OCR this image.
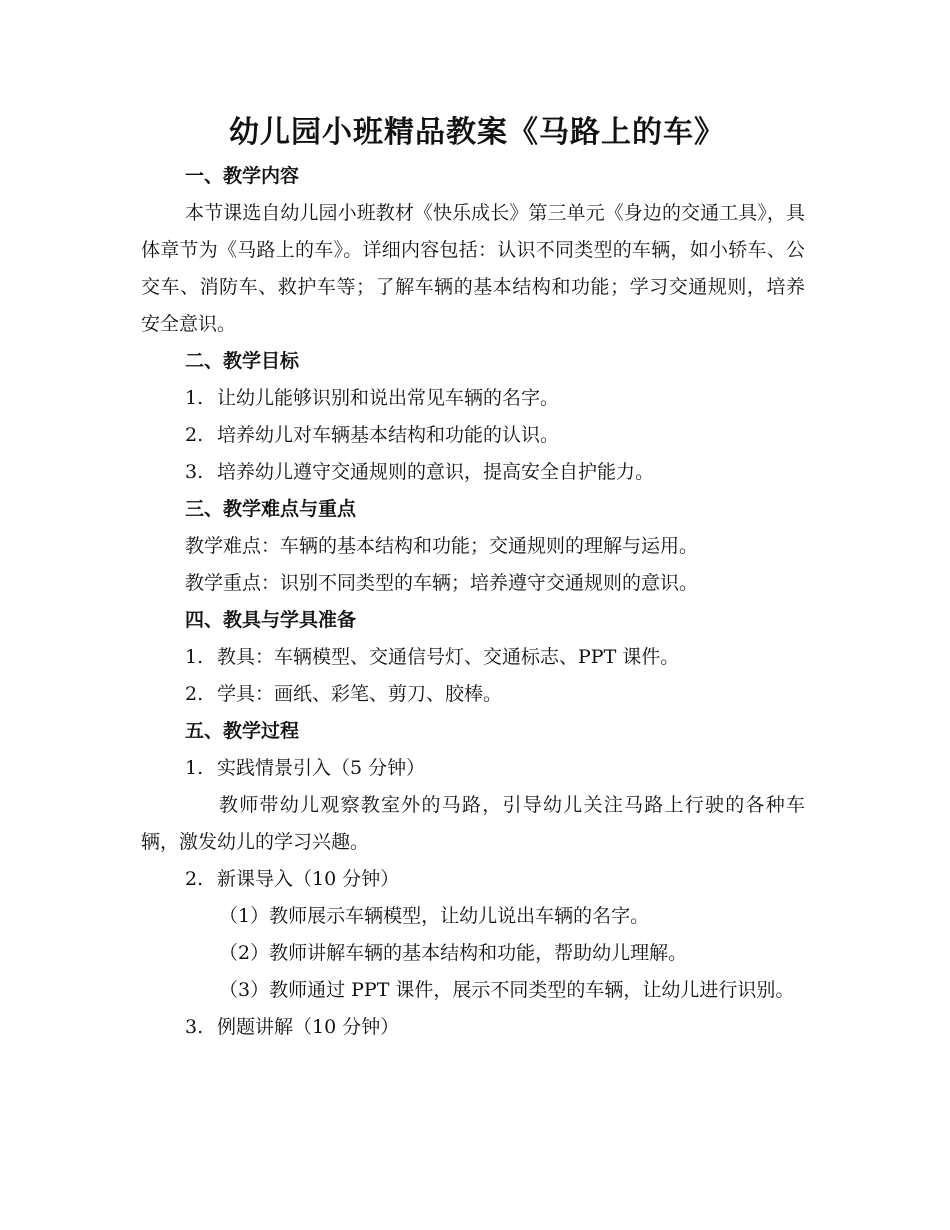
幼儿园小班精品教案《马路上的车》

一、教学内容

本节课选自幼儿园小班教材《快乐成长》第三单元《身边的交通工具》，具体章节为《马路上的车》。详细内容包括：认识不同类型的车辆，如小轿车、公交车、消防车、救护车等；了解车辆的基本结构和功能；学习交通规则，培养安全意识。

二、教学目标

1. 让幼儿能够识别和说出常见车辆的名字。

2. 培养幼儿对车辆基本结构和功能的认识。

3. 培养幼儿遵守交通规则的意识，提高安全自护能力。

三、教学难点与重点

教学难点：车辆的基本结构和功能；交通规则的理解与运用。

教学重点：识别不同类型的车辆；培养遵守交通规则的意识。

四、教具与学具准备

1. 教具：车辆模型、交通信号灯、交通标志、PPT 课件。

2. 学具：画纸、彩笔、剪刀、胶棒。

五、教学过程

1. 实践情景引入（5 分钟）

教师带幼儿观察教室外的马路，引导幼儿关注马路上行驶的各种车辆，激发幼儿的学习兴趣。

2. 新课导入（10 分钟）

（1）教师展示车辆模型，让幼儿说出车辆的名字。

（2）教师讲解车辆的基本结构和功能，帮助幼儿理解。

（3）教师通过 PPT 课件，展示不同类型的车辆，让幼儿进行识别。

3. 例题讲解（10 分钟）
